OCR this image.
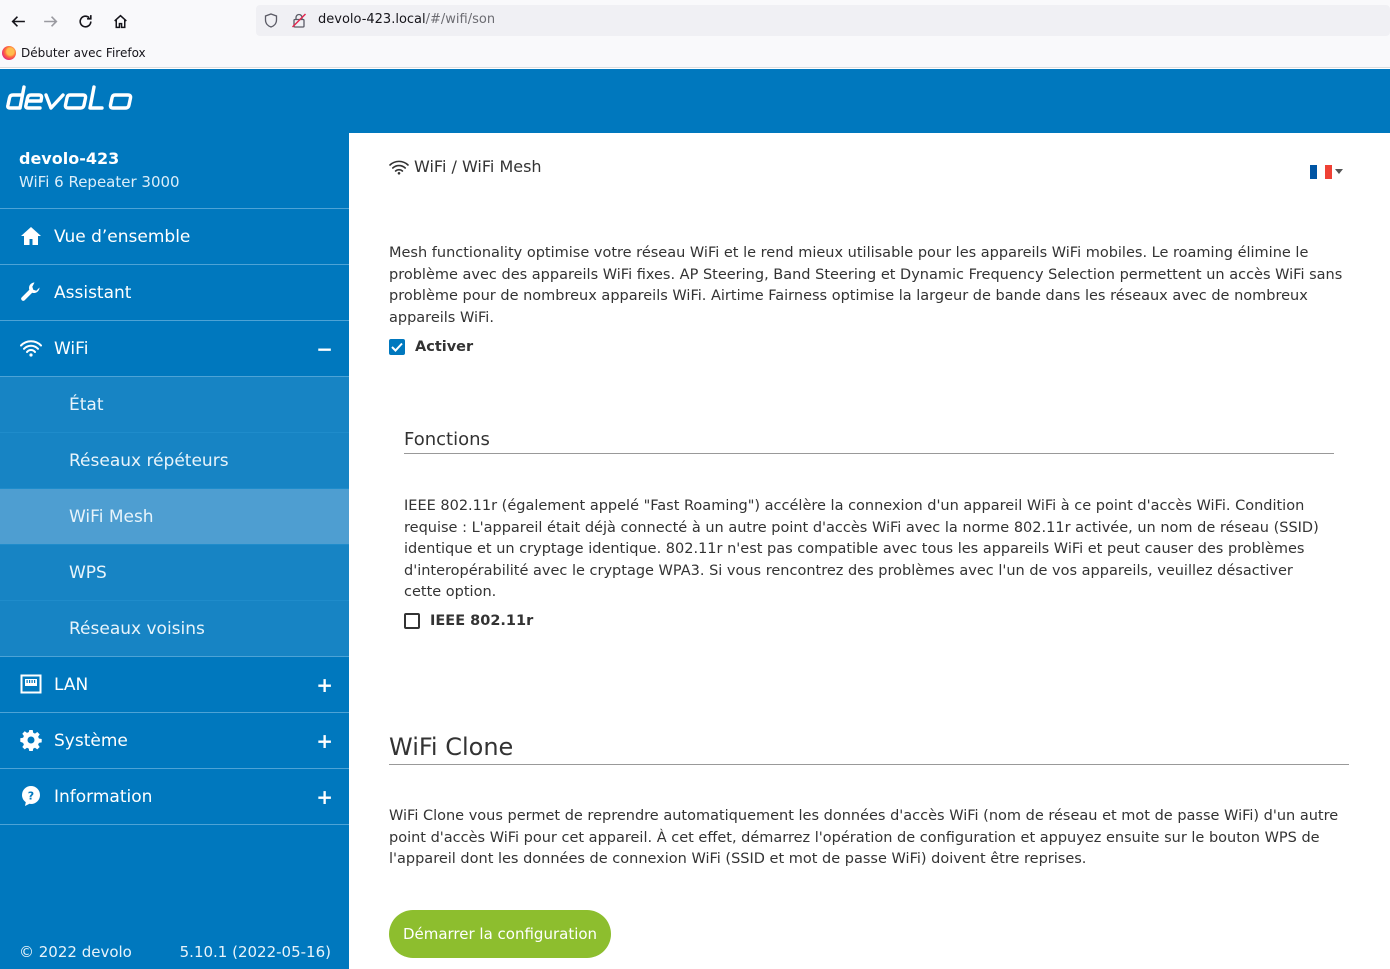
devolo-423.local/#/wifi/son
Débuter avec Firefox
devolo-423
WiFi 6 Repeater 3000
Vue d’ensemble
Assistant
WiFi	−
État
Réseaux répéteurs
WiFi Mesh
WPS
Réseaux voisins
LAN	+
Système	+
? Information	+
© 2022 devolo	5.10.1 (2022-05-16)
WiFi / WiFi Mesh

Mesh functionality optimise votre réseau WiFi et le rend mieux utilisable pour les appareils WiFi mobiles. Le roaming élimine le problème avec des appareils WiFi fixes. AP Steering, Band Steering et Dynamic Frequency Selection permettent un accès WiFi sans problème pour de nombreux appareils WiFi. Airtime Fairness optimise la largeur de bande dans les réseaux avec de nombreux appareils WiFi.

Activer
Fonctions

IEEE 802.11r (également appelé "Fast Roaming") accélère la connexion d'un appareil WiFi à ce point d'accès WiFi. Condition requise : L'appareil était déjà connecté à un autre point d'accès WiFi avec la norme 802.11r activée, un nom de réseau (SSID) identique et un cryptage identique. 802.11r n'est pas compatible avec tous les appareils WiFi et peut causer des problèmes d'interopérabilité avec le cryptage WPA3. Si vous rencontrez des problèmes avec l'un de vos appareils, veuillez désactiver cette option.

IEEE 802.11r
WiFi Clone

WiFi Clone vous permet de reprendre automatiquement les données d'accès WiFi (nom de réseau et mot de passe WiFi) d'un autre point d'accès WiFi pour cet appareil. À cet effet, démarrez l'opération de configuration et appuyez ensuite sur le bouton WPS de l'appareil dont les données de connexion WiFi (SSID et mot de passe WiFi) doivent être reprises.

Démarrer la configuration
